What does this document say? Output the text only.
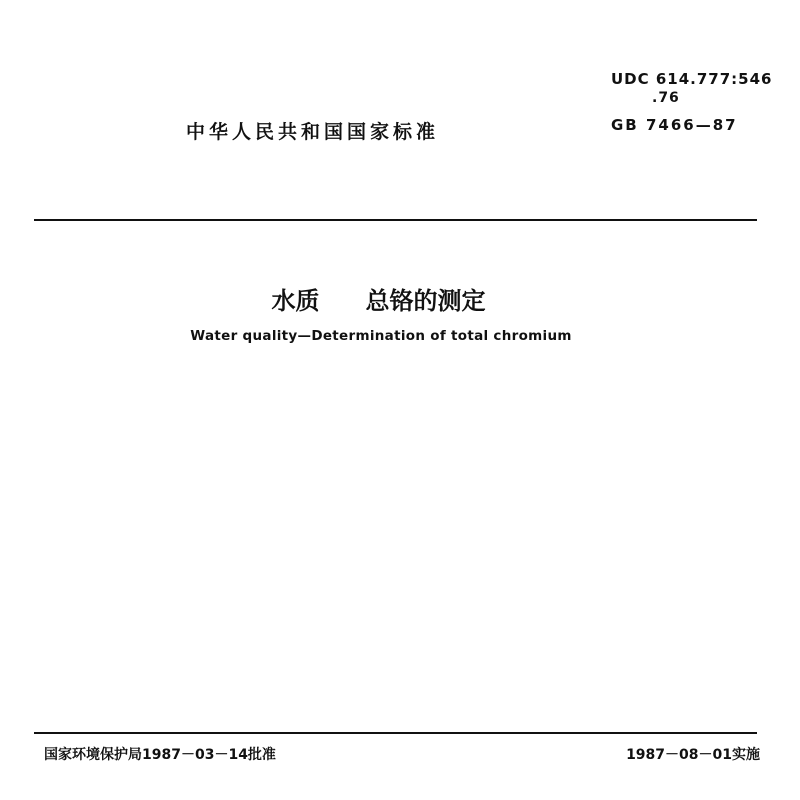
UDC 614.777:546
.76
GB 7466—87
中华人民共和国国家标准
水质 总铬的测定
Water quality—Determination of total chromium
国家环境保护局1987－03－14批准	1987－08－01实施
